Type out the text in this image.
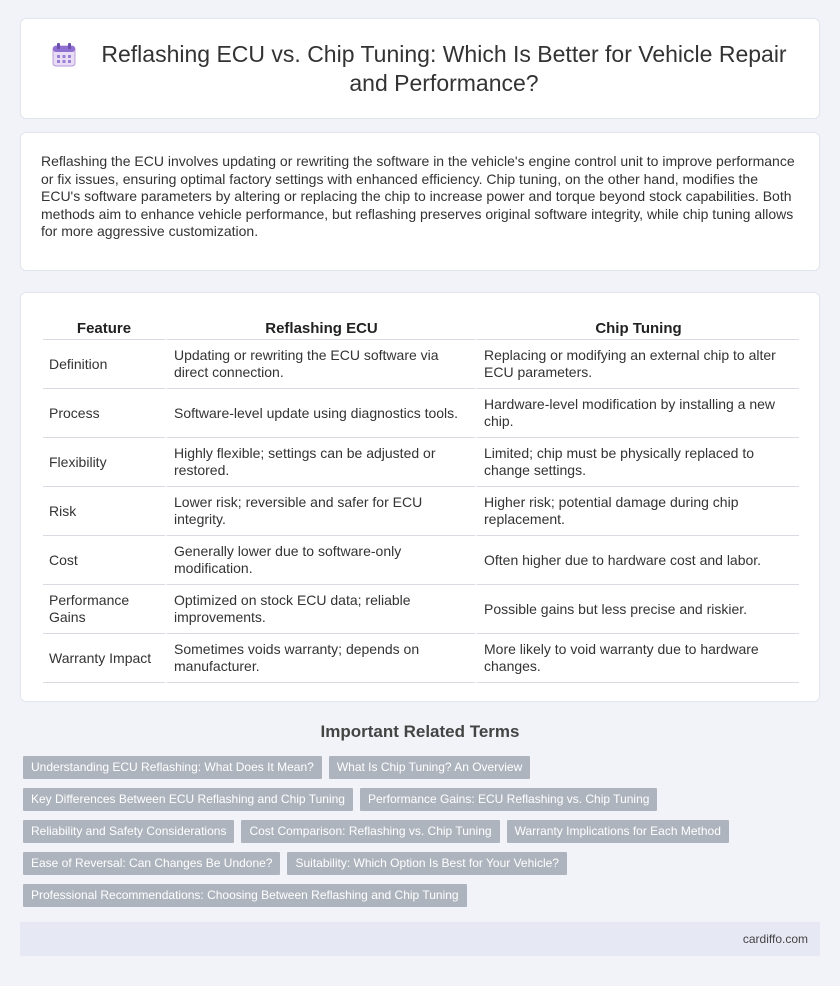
Reflashing ECU vs. Chip Tuning: Which Is Better for Vehicle Repair and Performance?

Reflashing the ECU involves updating or rewriting the software in the vehicle's engine control unit to improve performance or fix issues, ensuring optimal factory settings with enhanced efficiency. Chip tuning, on the other hand, modifies the ECU's software parameters by altering or replacing the chip to increase power and torque beyond stock capabilities. Both methods aim to enhance vehicle performance, but reflashing preserves original software integrity, while chip tuning allows for more aggressive customization.

Feature	Reflashing ECU	Chip Tuning
Definition	Updating or rewriting the ECU software via direct connection.	Replacing or modifying an external chip to alter ECU parameters.
Process	Software-level update using diagnostics tools.	Hardware-level modification by installing a new chip.
Flexibility	Highly flexible; settings can be adjusted or restored.	Limited; chip must be physically replaced to change settings.
Risk	Lower risk; reversible and safer for ECU integrity.	Higher risk; potential damage during chip replacement.
Cost	Generally lower due to software-only modification.	Often higher due to hardware cost and labor.
Performance Gains	Optimized on stock ECU data; reliable improvements.	Possible gains but less precise and riskier.
Warranty Impact	Sometimes voids warranty; depends on manufacturer.	More likely to void warranty due to hardware changes.
Important Related Terms
Understanding ECU Reflashing: What Does It Mean?	What Is Chip Tuning? An Overview
Key Differences Between ECU Reflashing and Chip Tuning	Performance Gains: ECU Reflashing vs. Chip Tuning
Reliability and Safety Considerations	Cost Comparison: Reflashing vs. Chip Tuning	Warranty Implications for Each Method
Ease of Reversal: Can Changes Be Undone?	Suitability: Which Option Is Best for Your Vehicle?
Professional Recommendations: Choosing Between Reflashing and Chip Tuning
cardiffo.com
